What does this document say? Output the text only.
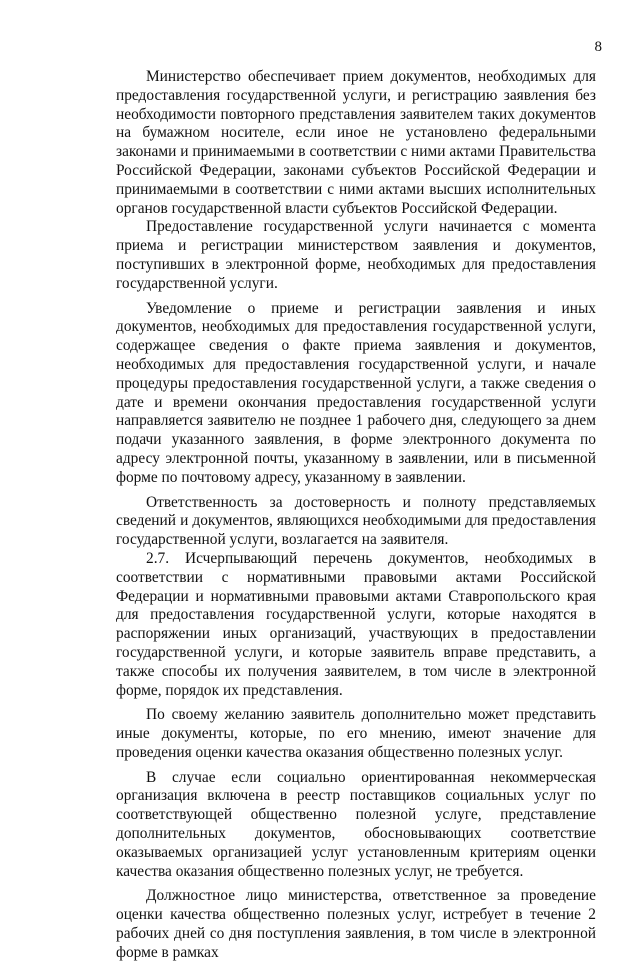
8

Министерство обеспечивает прием документов, необходимых для предоставления государственной услуги, и регистрацию заявления без необходимости повторного представления заявителем таких документов на бумажном носителе, если иное не установлено федеральными законами и принимаемыми в соответствии с ними актами Правительства Российской Федерации, законами субъектов Российской Федерации и принимаемыми в соответствии с ними актами высших исполнительных органов государственной власти субъектов Российской Федерации.

Предоставление государственной услуги начинается с момента приема и регистрации министерством заявления и документов, поступивших в электронной форме, необходимых для предоставления государственной услуги.

Уведомление о приеме и регистрации заявления и иных документов, необходимых для предоставления государственной услуги, содержащее сведения о факте приема заявления и документов, необходимых для предоставления государственной услуги, и начале процедуры предоставления государственной услуги, а также сведения о дате и времени окончания предоставления государственной услуги направляется заявителю не позднее 1 рабочего дня, следующего за днем подачи указанного заявления, в форме электронного документа по адресу электронной почты, указанному в заявлении, или в письменной форме по почтовому адресу, указанному в заявлении.

Ответственность за достоверность и полноту представляемых сведений и документов, являющихся необходимыми для предоставления государственной услуги, возлагается на заявителя.

2.7. Исчерпывающий перечень документов, необходимых в соответствии с нормативными правовыми актами Российской Федерации и нормативными правовыми актами Ставропольского края для предоставления государственной услуги, которые находятся в распоряжении иных организаций, участвующих в предоставлении государственной услуги, и которые заявитель вправе представить, а также способы их получения заявителем, в том числе в электронной форме, порядок их представления.

По своему желанию заявитель дополнительно может представить иные документы, которые, по его мнению, имеют значение для проведения оценки качества оказания общественно полезных услуг.

В случае если социально ориентированная некоммерческая организация включена в реестр поставщиков социальных услуг по соответствующей общественно полезной услуге, представление дополнительных документов, обосновывающих соответствие оказываемых организацией услуг установленным критериям оценки качества оказания общественно полезных услуг, не требуется.

Должностное лицо министерства, ответственное за проведение оценки качества общественно полезных услуг, истребует в течение 2 рабочих дней со дня поступления заявления, в том числе в электронной форме в рамках
